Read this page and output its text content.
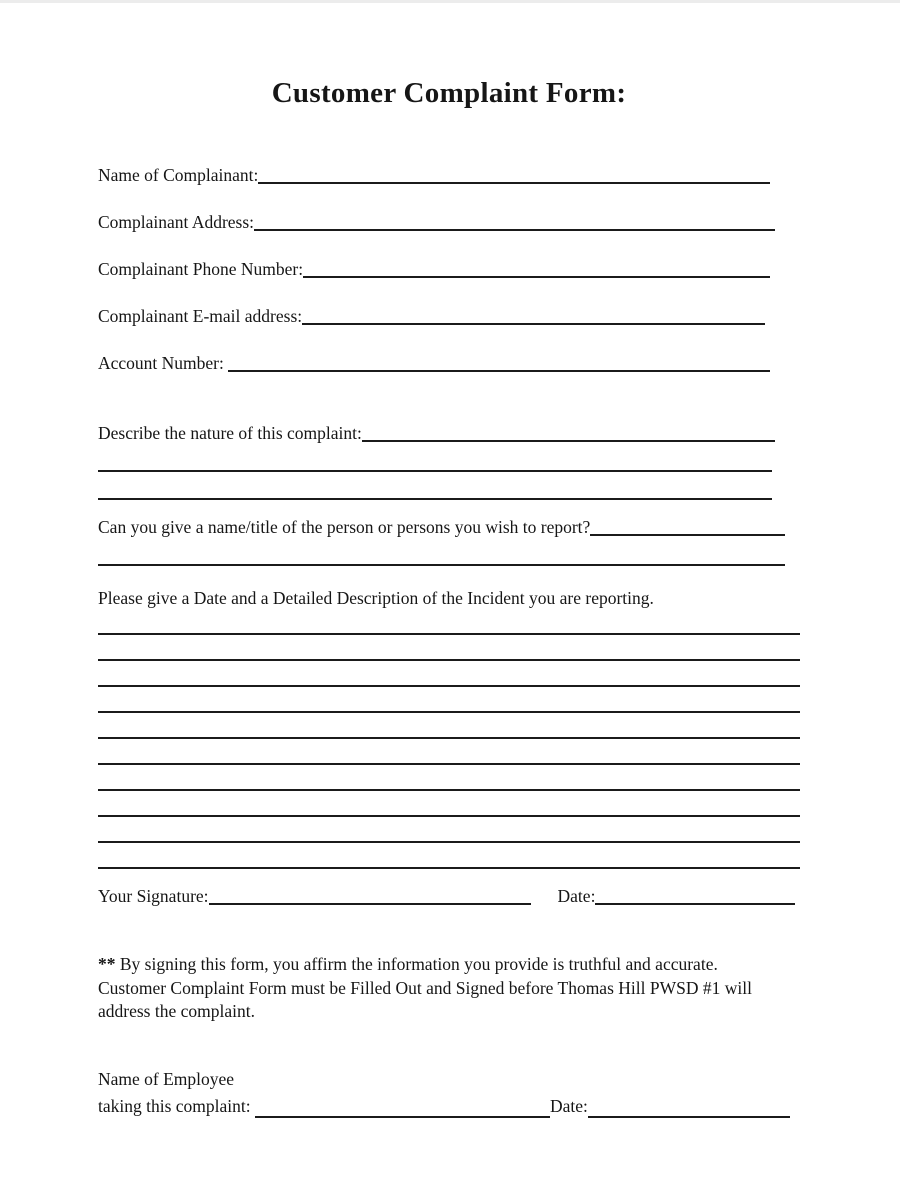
Customer Complaint Form:
Name of Complainant:
Complainant Address:
Complainant Phone Number:
Complainant E-mail address:
Account Number:
Describe the nature of this complaint:
Can you give a name/title of the person or persons you wish to report?
Please give a Date and a Detailed Description of the Incident you are reporting.
Your Signature:	Date:

** By signing this form, you affirm the information you provide is truthful and accurate.
Customer Complaint Form must be Filled Out and Signed before Thomas Hill PWSD #1 will address the complaint.

Name of Employee
taking this complaint:	Date:
